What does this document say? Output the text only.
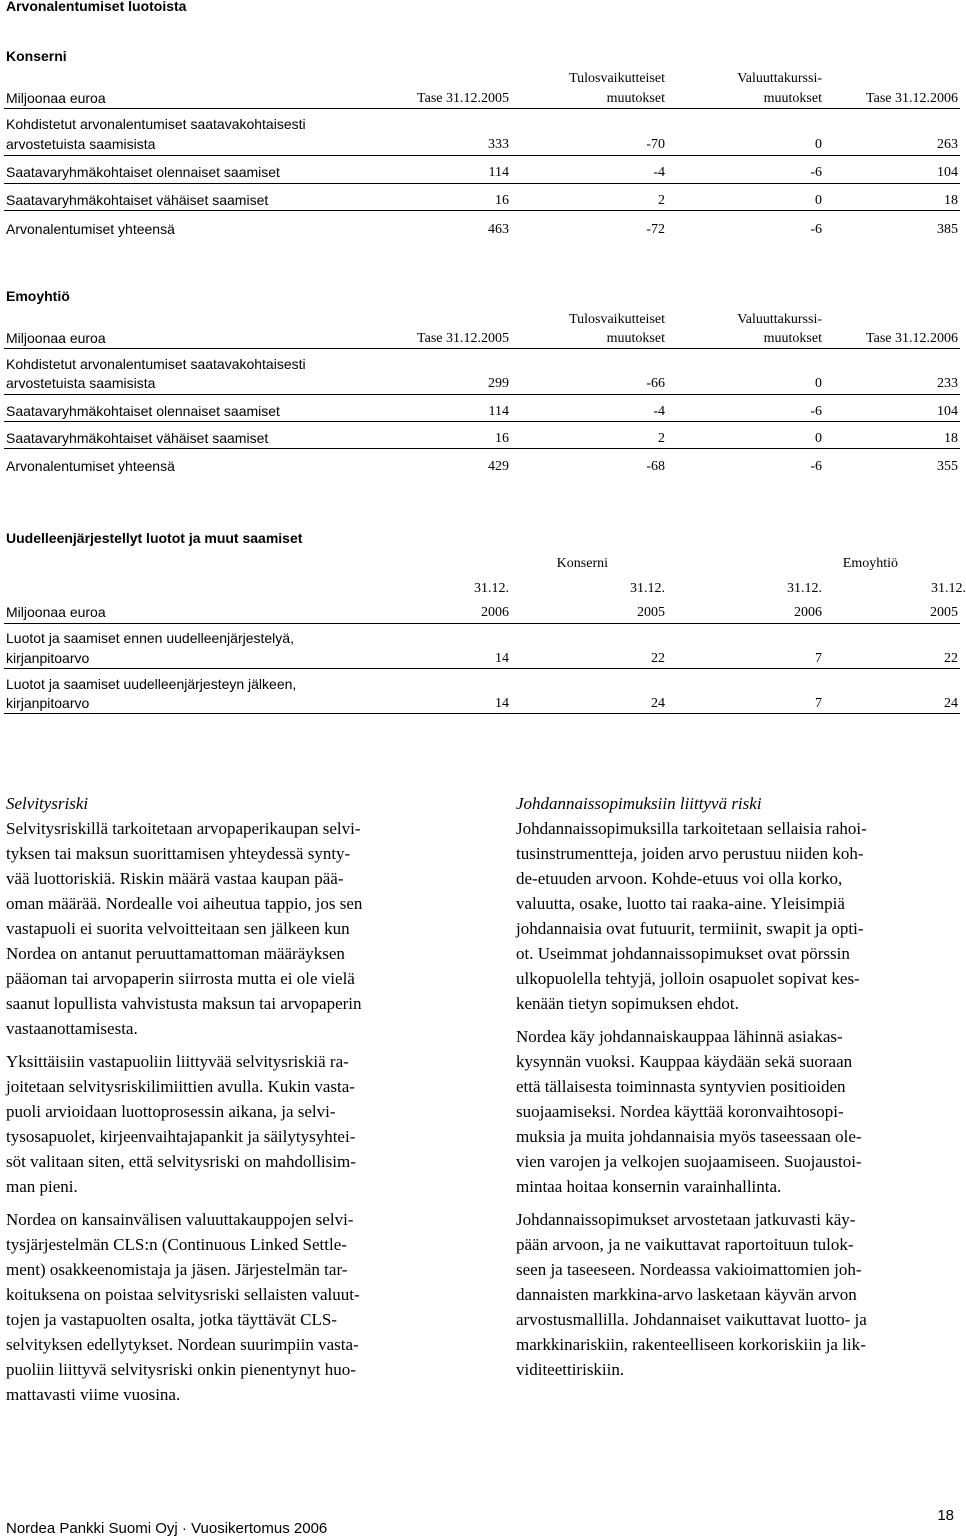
Arvonalentumiset luotoista
Konserni
Miljoonaa euroa	Tase 31.12.2005
Tulosvaikutteiset
muutokset
Valuuttakurssi-
muutokset	Tase 31.12.2006
Kohdistetut arvonalentumiset saatavakohtaisesti
arvostetuista saamisista	333	-70	0	263
Saatavaryhmäkohtaiset olennaiset saamiset	114	-4	-6	104
Saatavaryhmäkohtaiset vähäiset saamiset	16	2	0	18
Arvonalentumiset yhteensä	463	-72	-6	385
Emoyhtiö
Miljoonaa euroa	Tase 31.12.2005
Tulosvaikutteiset
muutokset
Valuuttakurssi-
muutokset	Tase 31.12.2006
Kohdistetut arvonalentumiset saatavakohtaisesti
arvostetuista saamisista	299	-66	0	233
Saatavaryhmäkohtaiset olennaiset saamiset	114	-4	-6	104
Saatavaryhmäkohtaiset vähäiset saamiset	16	2	0	18
Arvonalentumiset yhteensä	429	-68	-6	355
Uudelleenjärjestellyt luotot ja muut saamiset
Konserni	Emoyhtiö
31.12.	31.12.	31.12.	31.12.
Miljoonaa euroa	2006	2005	2006	2005
Luotot ja saamiset ennen uudelleenjärjestelyä,
kirjanpitoarvo	14	22	7	22
Luotot ja saamiset uudelleenjärjesteyn jälkeen,
kirjanpitoarvo	14	24	7	24
Selvitysriski
Selvitysriskillä tarkoitetaan arvopaperikaupan selvi-
tyksen tai maksun suorittamisen yhteydessä synty-
vää luottoriskiä. Riskin määrä vastaa kaupan pää-
oman määrää. Nordealle voi aiheutua tappio, jos sen
vastapuoli ei suorita velvoitteitaan sen jälkeen kun
Nordea on antanut peruuttamattoman määräyksen
pääoman tai arvopaperin siirrosta mutta ei ole vielä
saanut lopullista vahvistusta maksun tai arvopaperin
vastaanottamisesta.
Yksittäisiin vastapuoliin liittyvää selvitysriskiä ra-
joitetaan selvitysriskilimiittien avulla. Kukin vasta-
puoli arvioidaan luottoprosessin aikana, ja selvi-
tysosapuolet, kirjeenvaihtajapankit ja säilytysyhtei-
söt valitaan siten, että selvitysriski on mahdollisim-
man pieni.
Nordea on kansainvälisen valuuttakauppojen selvi-
tysjärjestelmän CLS:n (Continuous Linked Settle-
ment) osakkeenomistaja ja jäsen. Järjestelmän tar-
koituksena on poistaa selvitysriski sellaisten valuut-
tojen ja vastapuolten osalta, jotka täyttävät CLS-
selvityksen edellytykset. Nordean suurimpiin vasta-
puoliin liittyvä selvitysriski onkin pienentynyt huo-
mattavasti viime vuosina.
Johdannaissopimuksiin liittyvä riski
Johdannaissopimuksilla tarkoitetaan sellaisia rahoi-
tusinstrumentteja, joiden arvo perustuu niiden koh-
de-etuuden arvoon. Kohde-etuus voi olla korko,
valuutta, osake, luotto tai raaka-aine. Yleisimpiä
johdannaisia ovat futuurit, termiinit, swapit ja opti-
ot. Useimmat johdannaissopimukset ovat pörssin
ulkopuolella tehtyjä, jolloin osapuolet sopivat kes-
kenään tietyn sopimuksen ehdot.
Nordea käy johdannaiskauppaa lähinnä asiakas-
kysynnän vuoksi. Kauppaa käydään sekä suoraan
että tällaisesta toiminnasta syntyvien positioiden
suojaamiseksi. Nordea käyttää koronvaihtosopi-
muksia ja muita johdannaisia myös taseessaan ole-
vien varojen ja velkojen suojaamiseen. Suojaustoi-
mintaa hoitaa konsernin varainhallinta.
Johdannaissopimukset arvostetaan jatkuvasti käy-
pään arvoon, ja ne vaikuttavat raportoituun tulok-
seen ja taseeseen. Nordeassa vakioimattomien joh-
dannaisten markkina-arvo lasketaan käyvän arvon
arvostusmallilla. Johdannaiset vaikuttavat luotto- ja
markkinariskiin, rakenteelliseen korkoriskiin ja lik-
viditeettiriskiin.
Nordea Pankki Suomi Oyj · Vuosikertomus 2006
18
